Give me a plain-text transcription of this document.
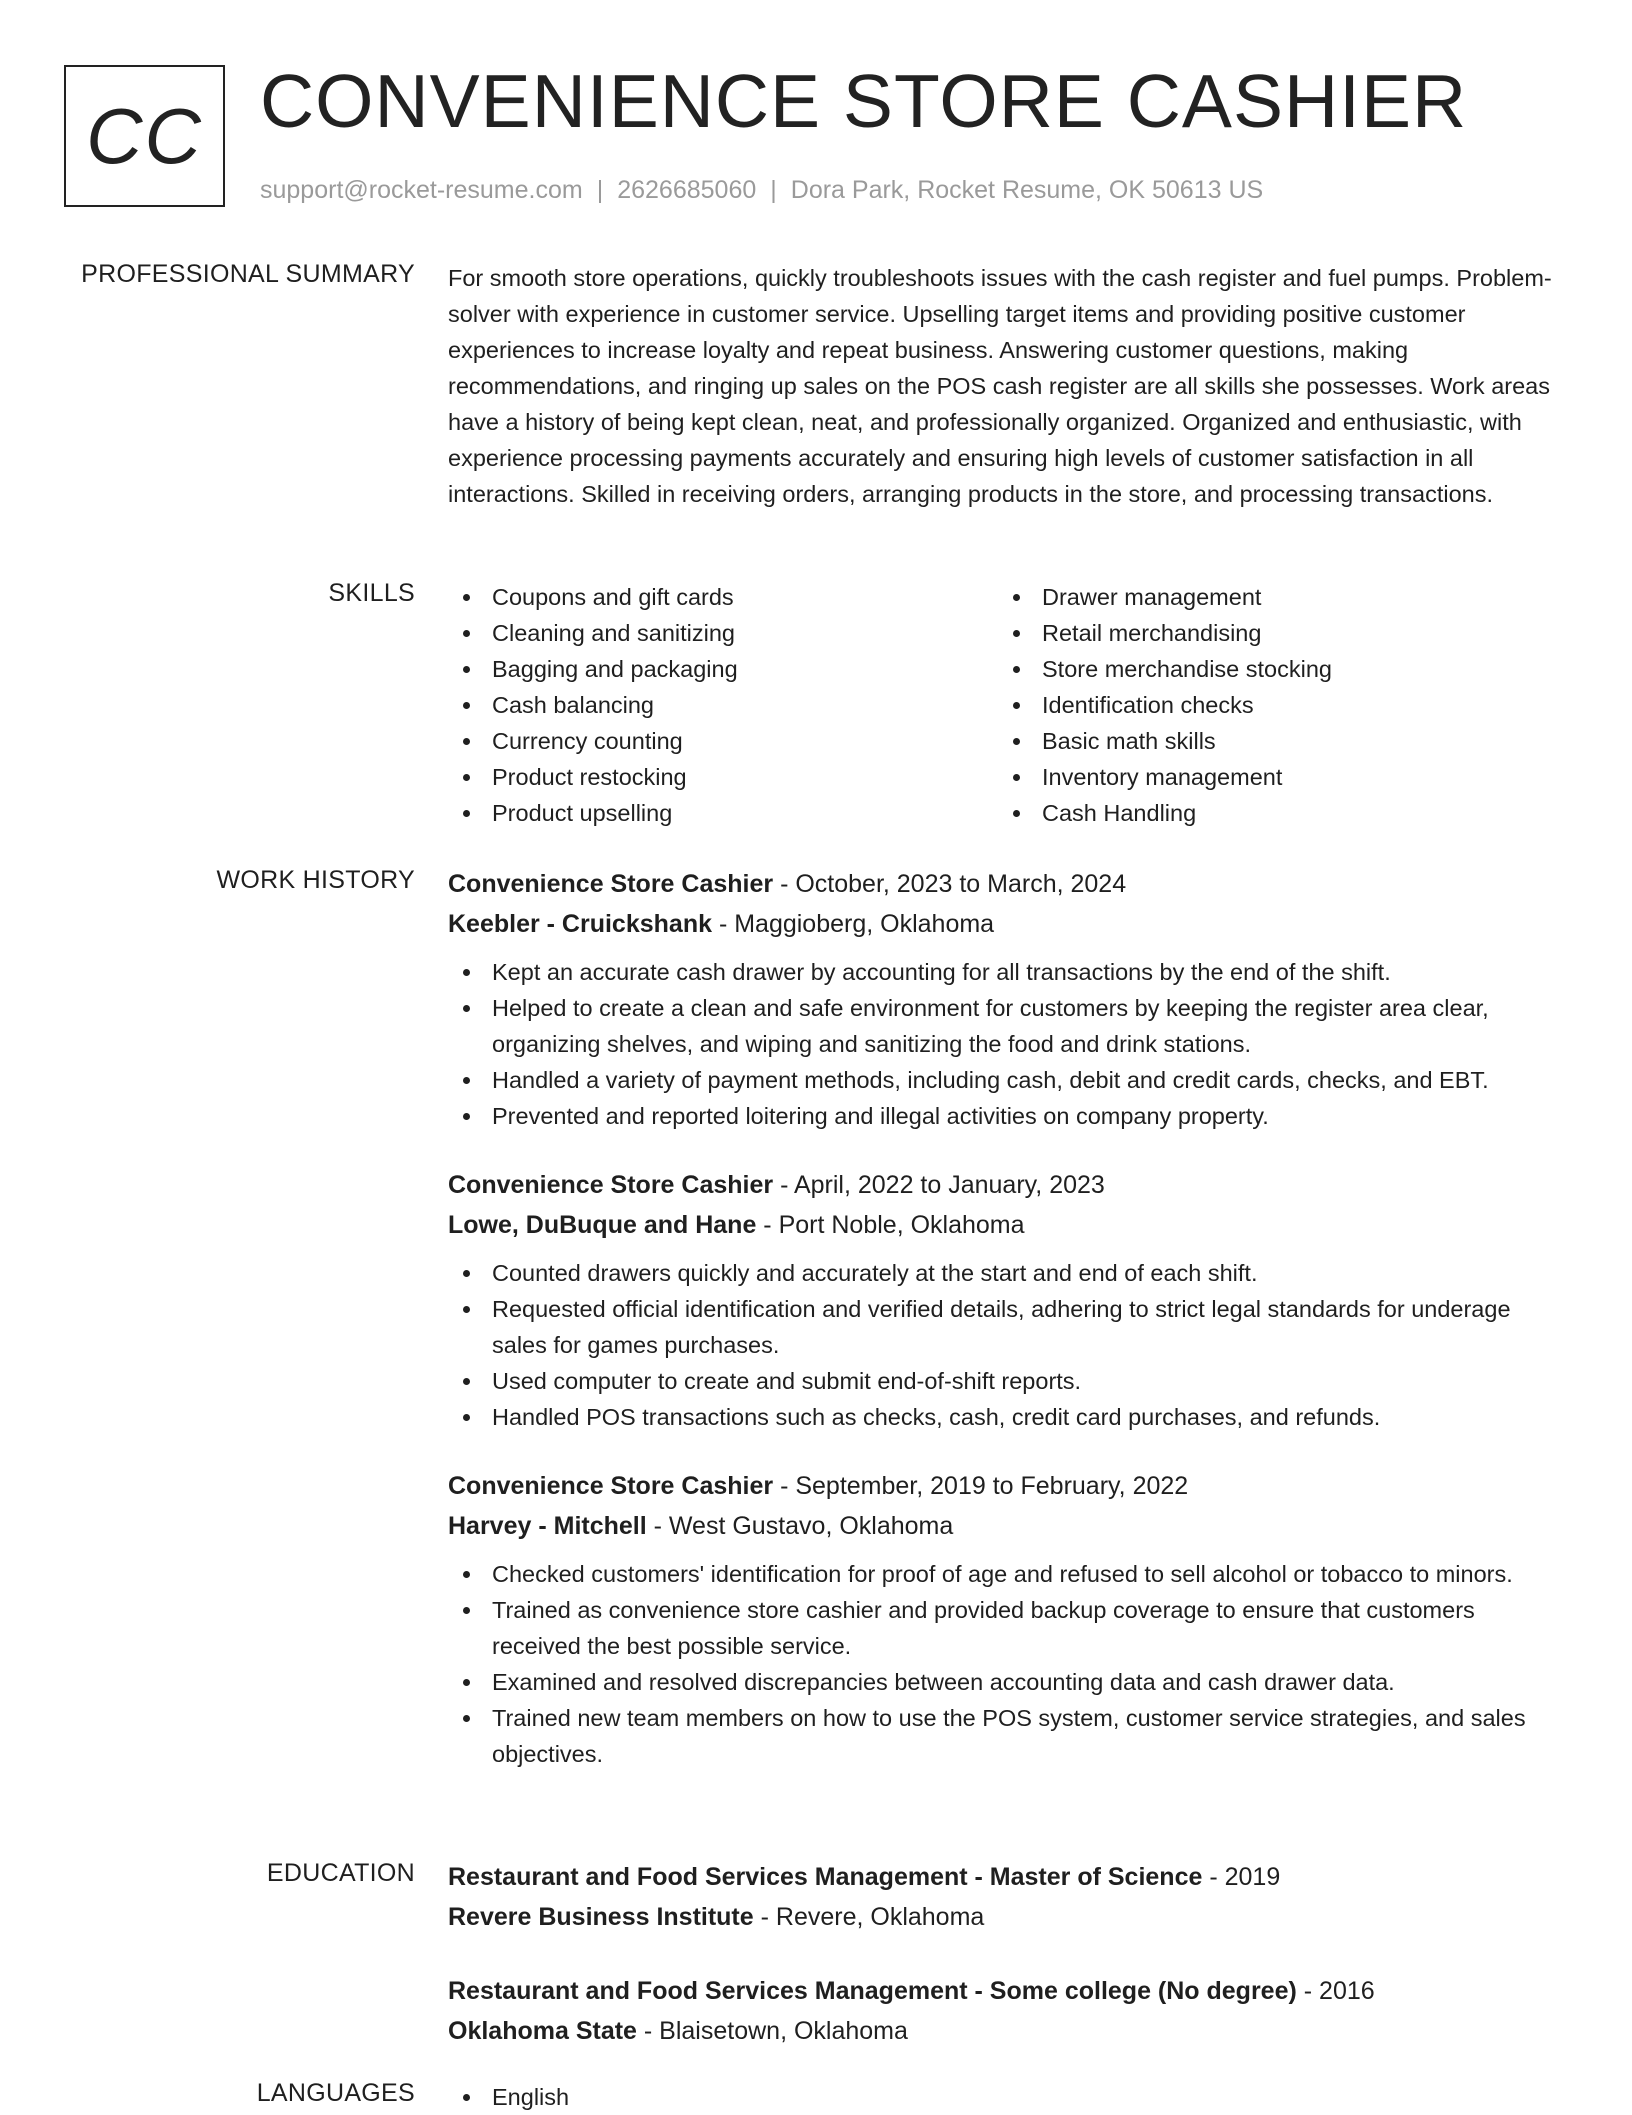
CC CONVENIENCE STORE CASHIER
support@rocket-resume.com | 2626685060 | Dora Park, Rocket Resume, OK 50613 US
PROFESSIONAL SUMMARY For smooth store operations, quickly troubleshoots issues with the cash register and fuel pumps. Problem-solver with experience in customer service. Upselling target items and providing positive customer experiences to increase loyalty and repeat business. Answering customer questions, making recommendations, and ringing up sales on the POS cash register are all skills she possesses. Work areas have a history of being kept clean, neat, and professionally organized. Organized and enthusiastic, with experience processing payments accurately and ensuring high levels of customer satisfaction in all interactions. Skilled in receiving orders, arranging products in the store, and processing transactions.

SKILLS	Coupons and gift cards
Cleaning and sanitizing
Bagging and packaging
Cash balancing
Currency counting
Product restocking
Product upselling
Drawer management
Retail merchandising
Store merchandise stocking
Identification checks
Basic math skills
Inventory management
Cash Handling
WORK HISTORY Convenience Store Cashier - October, 2023 to March, 2024
Keebler - Cruickshank - Maggioberg, Oklahoma
Kept an accurate cash drawer by accounting for all transactions by the end of the shift.
Helped to create a clean and safe environment for customers by keeping the register area clear, organizing shelves, and wiping and sanitizing the food and drink stations.
Handled a variety of payment methods, including cash, debit and credit cards, checks, and EBT.
Prevented and reported loitering and illegal activities on company property.
Convenience Store Cashier - April, 2022 to January, 2023
Lowe, DuBuque and Hane - Port Noble, Oklahoma
Counted drawers quickly and accurately at the start and end of each shift.
Requested official identification and verified details, adhering to strict legal standards for underage sales for games purchases.
Used computer to create and submit end-of-shift reports.
Handled POS transactions such as checks, cash, credit card purchases, and refunds.
Convenience Store Cashier - September, 2019 to February, 2022
Harvey - Mitchell - West Gustavo, Oklahoma
Checked customers' identification for proof of age and refused to sell alcohol or tobacco to minors.
Trained as convenience store cashier and provided backup coverage to ensure that customers received the best possible service.
Examined and resolved discrepancies between accounting data and cash drawer data.
Trained new team members on how to use the POS system, customer service strategies, and sales objectives.
EDUCATION Restaurant and Food Services Management - Master of Science - 2019
Revere Business Institute - Revere, Oklahoma
Restaurant and Food Services Management - Some college (No degree) - 2016
Oklahoma State - Blaisetown, Oklahoma
LANGUAGES	English
